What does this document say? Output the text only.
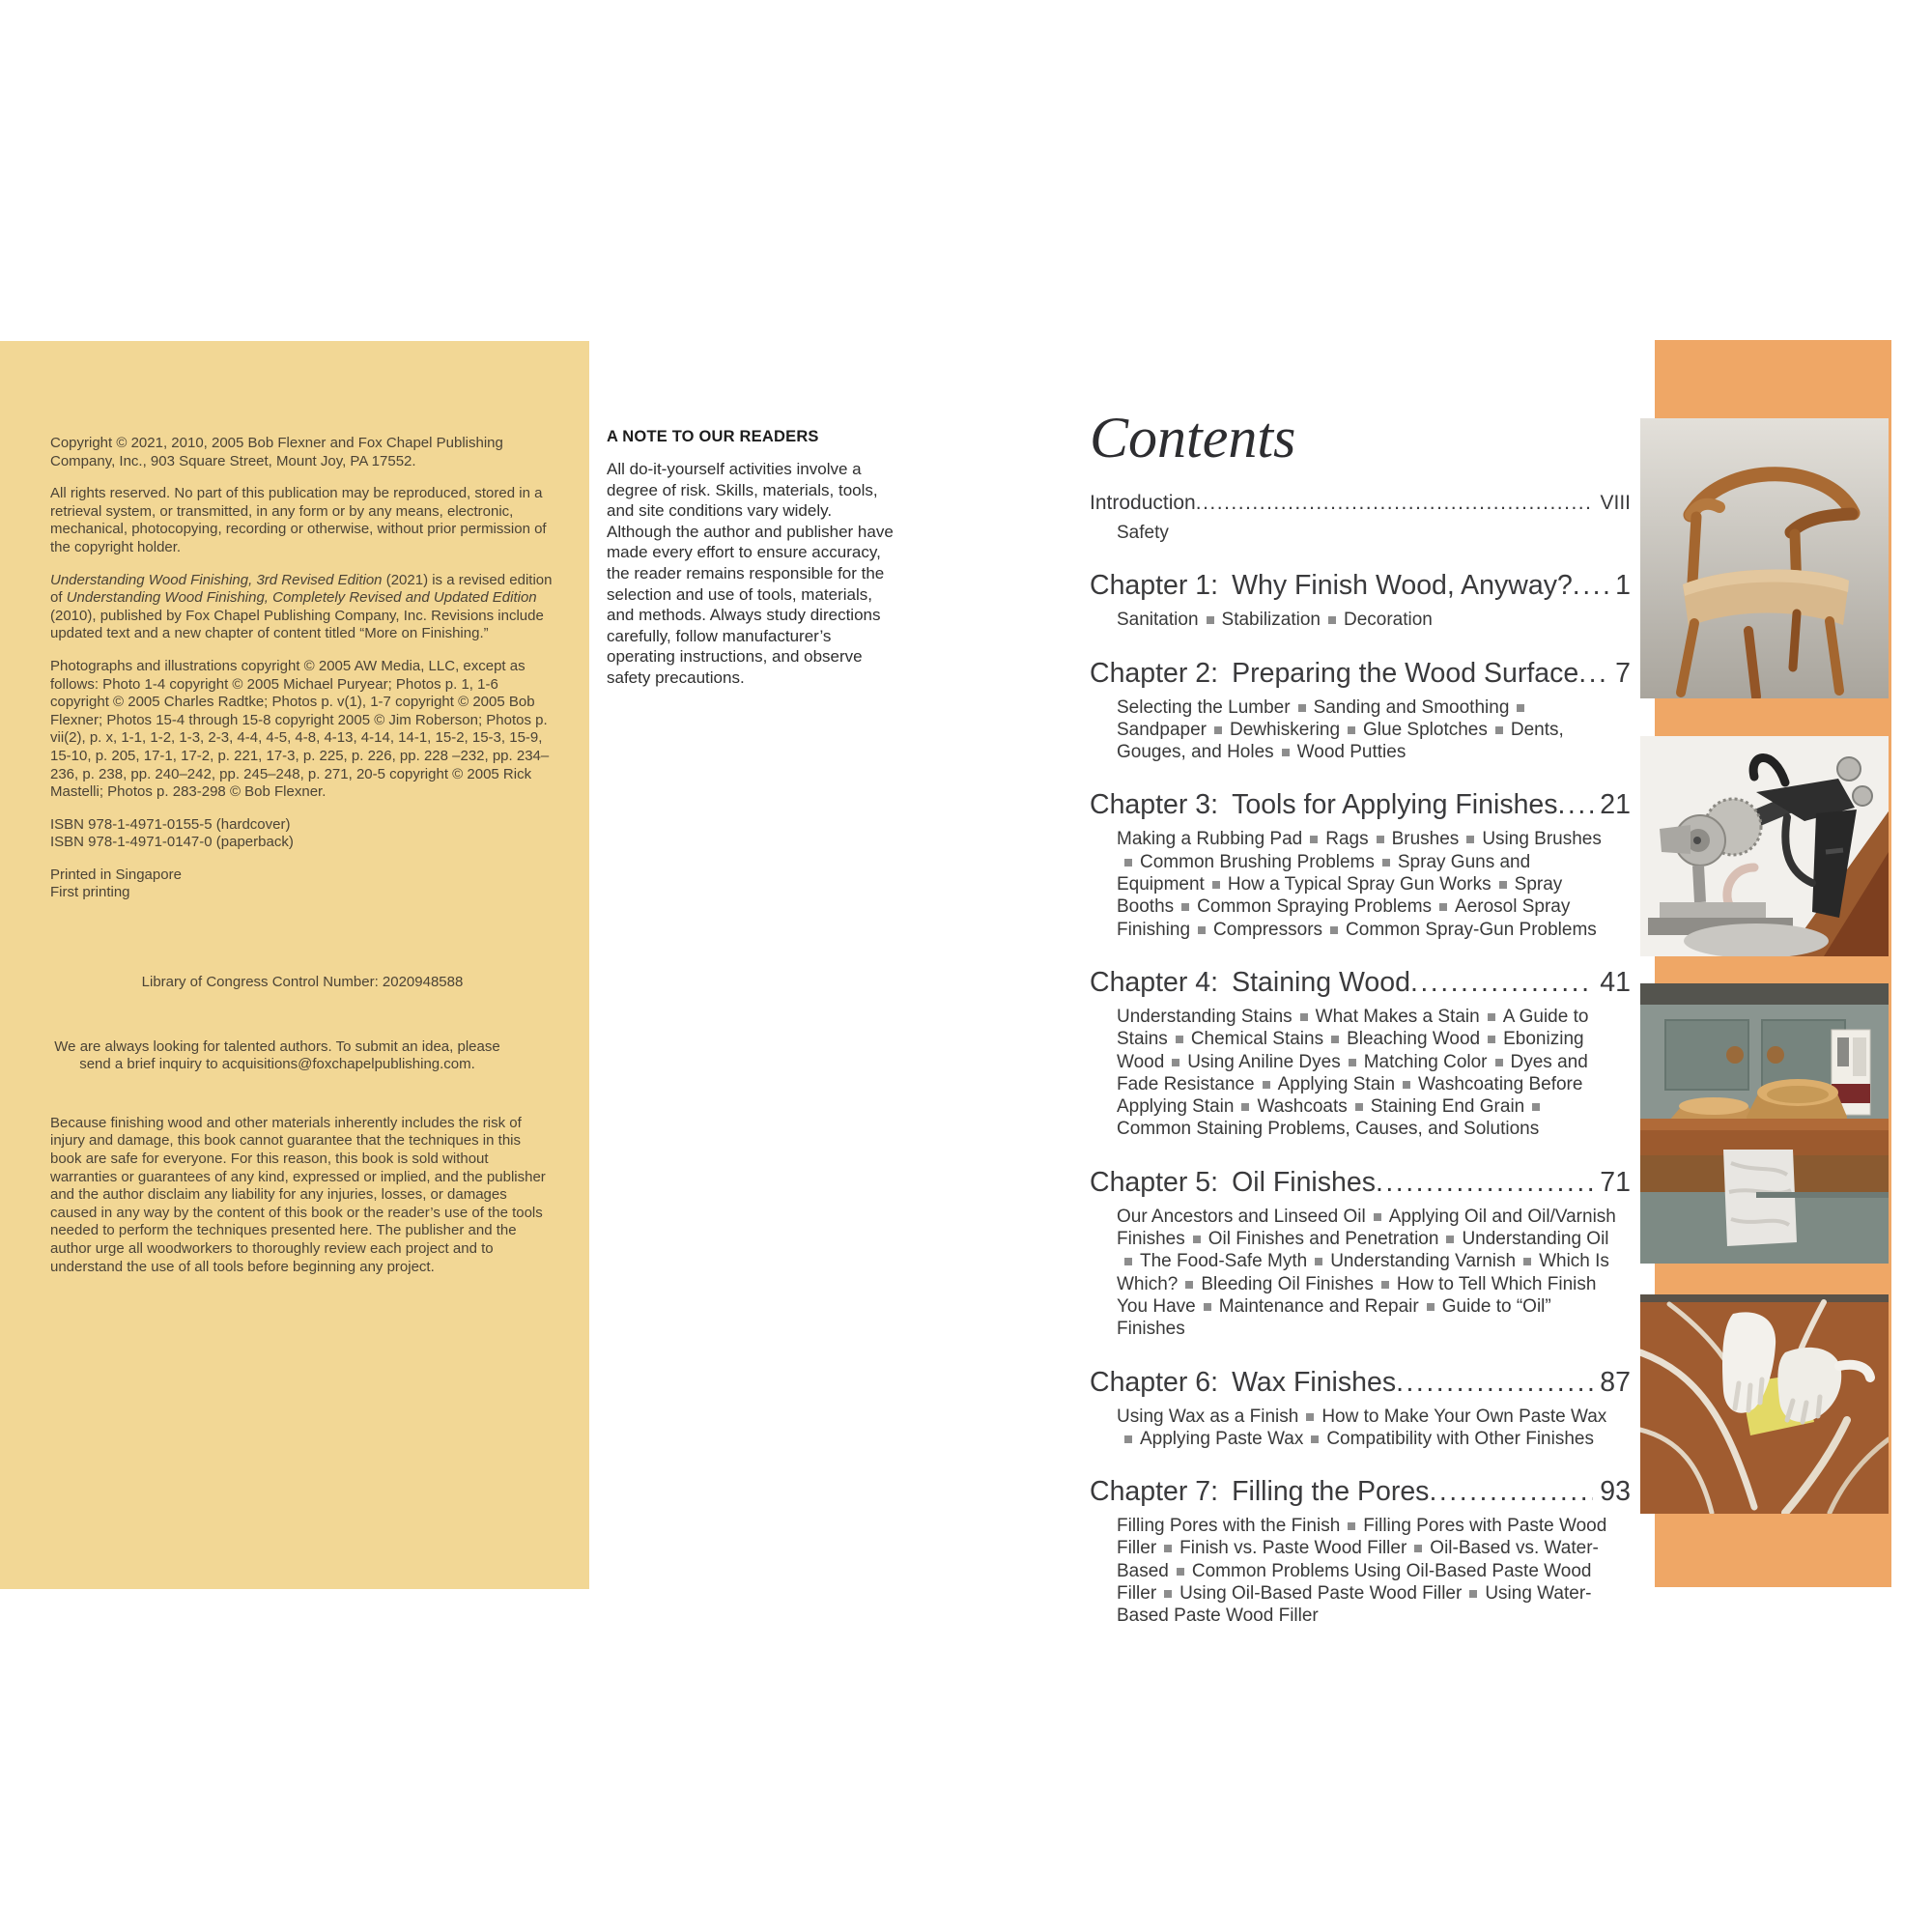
Copyright © 2021, 2010, 2005 Bob Flexner and Fox Chapel Publishing Company, Inc., 903 Square Street, Mount Joy, PA 17552.

All rights reserved. No part of this publication may be reproduced, stored in a retrieval system, or transmitted, in any form or by any means, electronic, mechanical, photocopying, recording or otherwise, without prior permission of the copyright holder.

Understanding Wood Finishing, 3rd Revised Edition (2021) is a revised edition of Understanding Wood Finishing, Completely Revised and Updated Edition (2010), published by Fox Chapel Publishing Company, Inc. Revisions include updated text and a new chapter of content titled “More on Finishing.”

Photographs and illustrations copyright © 2005 AW Media, LLC, except as follows: Photo 1-4 copyright © 2005 Michael Puryear; Photos p. 1, 1-6 copyright © 2005 Charles Radtke; Photos p. v(1), 1-7 copyright © 2005 Bob Flexner; Photos 15-4 through 15-8 copyright 2005 © Jim Roberson; Photos p. vii(2), p. x, 1-1, 1-2, 1-3, 2-3, 4-4, 4-5, 4-8, 4-13, 4-14, 14-1, 15-2, 15-3, 15-9, 15-10, p. 205, 17-1, 17-2, p. 221, 17-3, p. 225, p. 226, pp. 228 –232, pp. 234–236, p. 238, pp. 240–242, pp. 245–248, p. 271, 20-5 copyright © 2005 Rick Mastelli; Photos p. 283-298 © Bob Flexner.

ISBN 978-1-4971-0155-5 (hardcover)
ISBN 978-1-4971-0147-0 (paperback)
Printed in Singapore
First printing

Library of Congress Control Number: 2020948588

We are always looking for talented authors. To submit an idea, please send a brief inquiry to acquisitions@foxchapelpublishing.com.

Because finishing wood and other materials inherently includes the risk of injury and damage, this book cannot guarantee that the techniques in this book are safe for everyone. For this reason, this book is sold without warranties or guarantees of any kind, expressed or implied, and the publisher and the author disclaim any liability for any injuries, losses, or damages caused in any way by the content of this book or the reader’s use of the tools needed to perform the techniques presented here. The publisher and the author urge all woodworkers to thoroughly review each project and to understand the use of all tools before beginning any project.

A NOTE TO OUR READERS

All do-it-yourself activities involve a degree of risk. Skills, materials, tools, and site conditions vary widely. Although the author and publisher have made every effort to ensure accuracy, the reader remains responsible for the selection and use of tools, materials, and methods. Always study directions carefully, follow manufacturer’s operating instructions, and observe safety precautions.

Contents
Introduction .....	VIII
Safety
Chapter 1: Why Finish Wood, Anyway? ..... 1
Sanitation Stabilization Decoration
Chapter 2: Preparing the Wood Surface ..... 7
Selecting the Lumber Sanding and SmoothingSandpaper Dewhiskering Glue Splotches Dents, Gouges, and Holes Wood Putties
Chapter 3: Tools for Applying Finishes ..... 21
Making a Rubbing Pad Rags Brushes Using BrushesCommon Brushing Problems Spray Guns and Equipment How a Typical Spray Gun Works Spray Booths Common Spraying Problems Aerosol Spray Finishing Compressors Common Spray-Gun Problems
Chapter 4: Staining Wood .....	41
Understanding Stains What Makes a Stain A Guide to Stains Chemical Stains Bleaching Wood Ebonizing Wood Using Aniline Dyes Matching Color Dyes and Fade Resistance Applying Stain Washcoating Before Applying Stain Washcoats Staining End GrainCommon Staining Problems, Causes, and Solutions
Chapter 5: Oil Finishes .....	71
Our Ancestors and Linseed Oil Applying Oil and Oil/Varnish Finishes Oil Finishes and Penetration Understanding OilThe Food-Safe Myth Understanding Varnish Which Is Which? Bleeding Oil Finishes How to Tell Which Finish You Have Maintenance and Repair Guide to “Oil” Finishes
Chapter 6: Wax Finishes .....	87
Using Wax as a Finish How to Make Your Own Paste WaxApplying Paste Wax Compatibility with Other Finishes
Chapter 7: Filling the Pores .....	93
Filling Pores with the Finish Filling Pores with Paste Wood Filler Finish vs. Paste Wood Filler Oil-Based vs. Water-Based Common Problems Using Oil-Based Paste Wood Filler Using Oil-Based Paste Wood Filler Using Water-Based Paste Wood Filler
